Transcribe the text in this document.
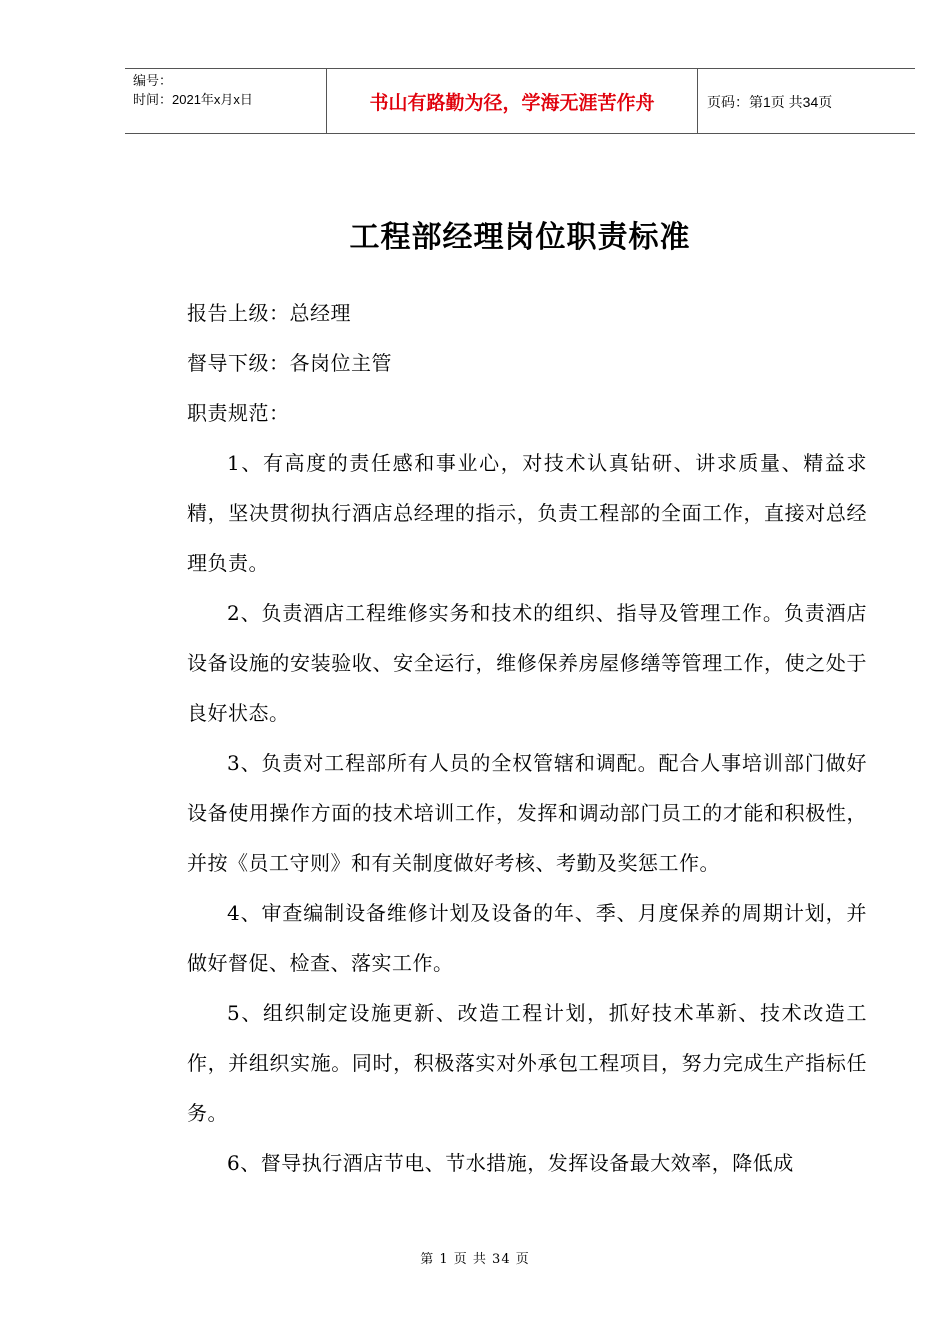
编号：
时间：2021年x月x日	书山有路勤为径，学海无涯苦作舟	页码：第1页 共34页
工程部经理岗位职责标准

报告上级：总经理

督导下级：各岗位主管

职责规范：

1、有高度的责任感和事业心，对技术认真钻研、讲求质量、精益求精，坚决贯彻执行酒店总经理的指示，负责工程部的全面工作，直接对总经理负责。

2、负责酒店工程维修实务和技术的组织、指导及管理工作。负责酒店设备设施的安装验收、安全运行，维修保养房屋修缮等管理工作，使之处于良好状态。

3、负责对工程部所有人员的全权管辖和调配。配合人事培训部门做好设备使用操作方面的技术培训工作，发挥和调动部门员工的才能和积极性，并按《员工守则》和有关制度做好考核、考勤及奖惩工作。

4、审查编制设备维修计划及设备的年、季、月度保养的周期计划，并做好督促、检查、落实工作。

5、组织制定设施更新、改造工程计划，抓好技术革新、技术改造工作，并组织实施。同时，积极落实对外承包工程项目，努力完成生产指标任务。

6、督导执行酒店节电、节水措施，发挥设备最大效率，降低成

第 1 页 共 34 页
